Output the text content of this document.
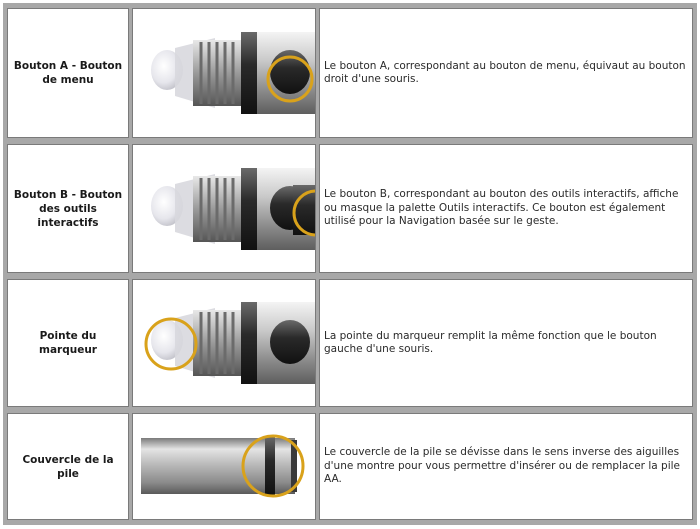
Bouton A - Bouton de menu
Le bouton A, correspondant au bouton de menu, équivaut au bouton droit d'une souris.
Bouton B - Bouton des outils interactifs
Le bouton B, correspondant au bouton des outils interactifs, affiche ou masque la palette Outils interactifs. Ce bouton est également utilisé pour la Navigation basée sur le geste.
Pointe du marqueur
La pointe du marqueur remplit la même fonction que le bouton gauche d'une souris.
Couvercle de la pile
Le couvercle de la pile se dévisse dans le sens inverse des aiguilles d'une montre pour vous permettre d'insérer ou de remplacer la pile AA.
